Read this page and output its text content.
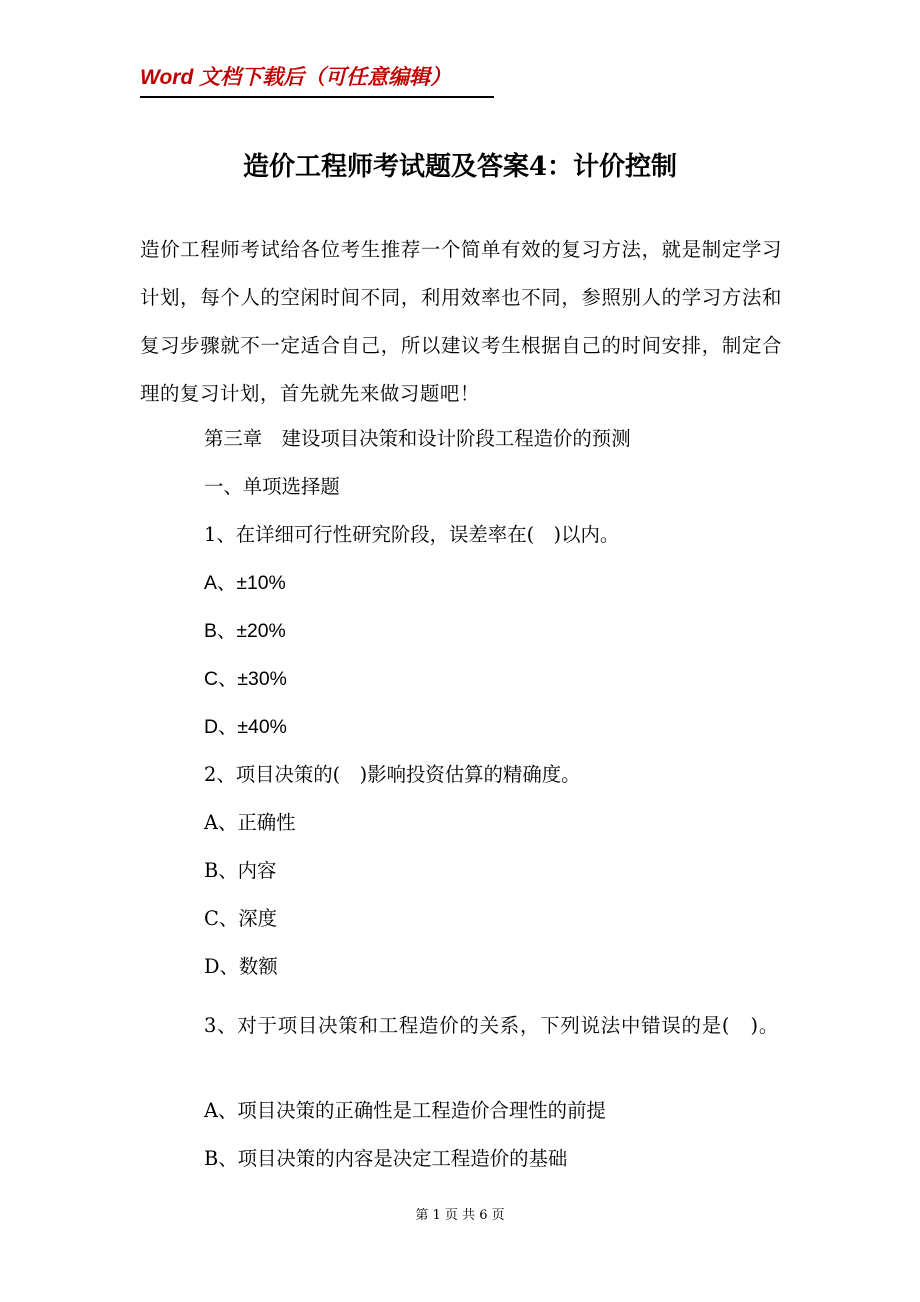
Word 文档下载后（可任意编辑）
造价工程师考试题及答案4：计价控制
造价工程师考试给各位考生推荐一个简单有效的复习方法，就是制定学习计划，每个人的空闲时间不同，利用效率也不同，参照别人的学习方法和复习步骤就不一定适合自己，所以建议考生根据自己的时间安排，制定合理的复习计划，首先就先来做习题吧！
第三章　建设项目决策和设计阶段工程造价的预测
一、单项选择题
1、在详细可行性研究阶段，误差率在(　)以内。
A、±10%
B、±20%
C、±30%
D、±40%
2、项目决策的(　)影响投资估算的精确度。
A、正确性
B、内容
C、深度
D、数额
3、对于项目决策和工程造价的关系，下列说法中错误的是(　)。
A、项目决策的正确性是工程造价合理性的前提
B、项目决策的内容是决定工程造价的基础
第 1 页 共 6 页
